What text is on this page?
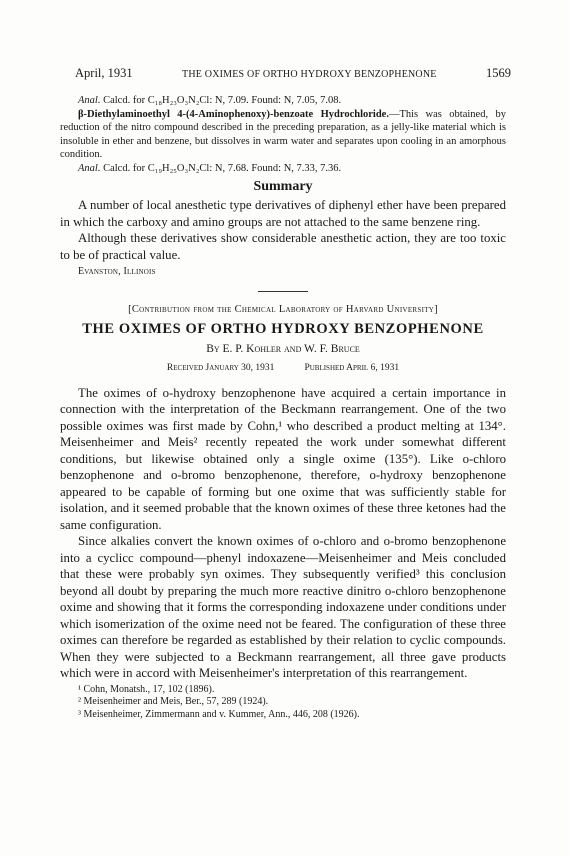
April, 1931	THE OXIMES OF ORTHO HYDROXY BENZOPHENONE	1569

Anal. Calcd. for C₁₈H₂₃O₃N₂Cl: N, 7.09. Found: N, 7.05, 7.08.

β-Diethylaminoethyl 4-(4-Aminophenoxy)-benzoate Hydrochloride.—This was obtained, by reduction of the nitro compound described in the preceding preparation, as a jelly-like material which is insoluble in ether and benzene, but dissolves in warm water and separates upon cooling in an amorphous condition.

Anal. Calcd. for C₁₉H₂₅O₃N₂Cl: N, 7.68. Found: N, 7.33, 7.36.

Summary

A number of local anesthetic type derivatives of diphenyl ether have been prepared in which the carboxy and amino groups are not attached to the same benzene ring.

Although these derivatives show considerable anesthetic action, they are too toxic to be of practical value.

Evanston, Illinois
[Contribution from the Chemical Laboratory of Harvard University]
THE OXIMES OF ORTHO HYDROXY BENZOPHENONE
By E. P. Kohler and W. F. Bruce
Received January 30, 1931	Published April 6, 1931

The oximes of o-hydroxy benzophenone have acquired a certain importance in connection with the interpretation of the Beckmann rearrangement. One of the two possible oximes was first made by Cohn,¹ who described a product melting at 134°. Meisenheimer and Meis² recently repeated the work under somewhat different conditions, but likewise obtained only a single oxime (135°). Like o-chloro benzophenone and o-bromo benzophenone, therefore, o-hydroxy benzophenone appeared to be capable of forming but one oxime that was sufficiently stable for isolation, and it seemed probable that the known oximes of these three ketones had the same configuration.

Since alkalies convert the known oximes of o-chloro and o-bromo benzophenone into a cyclicc compound—phenyl indoxazene—Meisenheimer and Meis concluded that these were probably syn oximes. They subsequently verified³ this conclusion beyond all doubt by preparing the much more reactive dinitro o-chloro benzophenone oxime and showing that it forms the corresponding indoxazene under conditions under which isomerization of the oxime need not be feared. The configuration of these three oximes can therefore be regarded as established by their relation to cyclic compounds. When they were subjected to a Beckmann rearrangement, all three gave products which were in accord with Meisenheimer's interpretation of this rearrangement.

¹ Cohn, Monatsh., 17, 102 (1896).
² Meisenheimer and Meis, Ber., 57, 289 (1924).
³ Meisenheimer, Zimmermann and v. Kummer, Ann., 446, 208 (1926).
